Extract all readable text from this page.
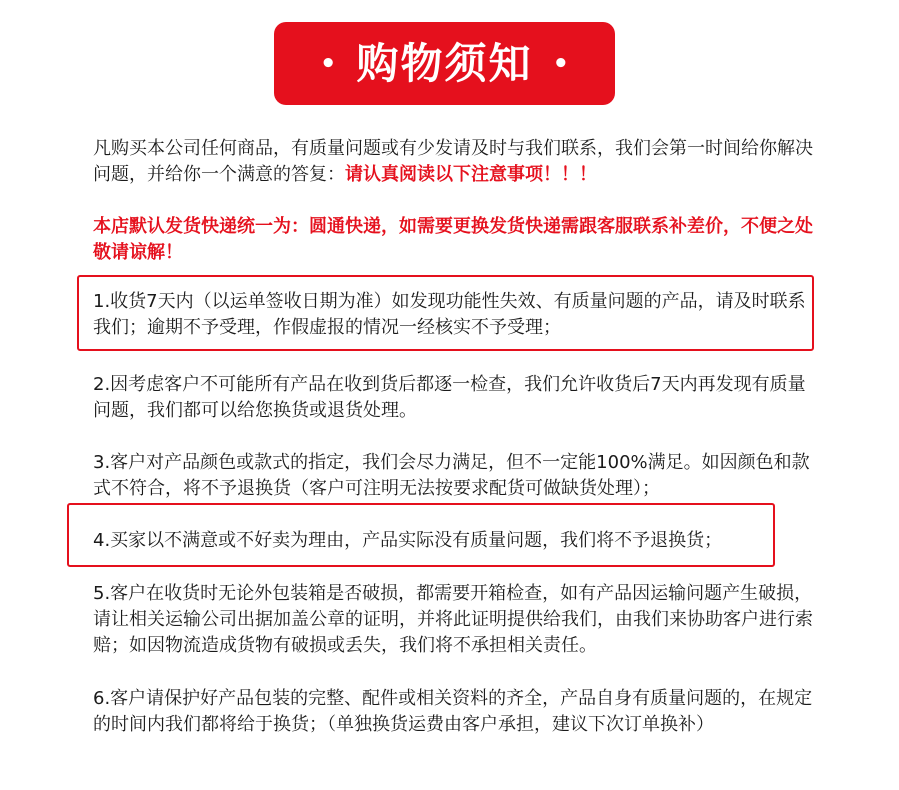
• 购物须知 •

凡购买本公司任何商品，有质量问题或有少发请及时与我们联系，我们会第一时间给你解决问题，并给你一个满意的答复：请认真阅读以下注意事项！！！

本店默认发货快递统一为：圆通快递，如需要更换发货快递需跟客服联系补差价，不便之处敬请谅解！

1.收货7天内（以运单签收日期为准）如发现功能性失效、有质量问题的产品，请及时联系我们；逾期不予受理，作假虚报的情况一经核实不予受理；

2.因考虑客户不可能所有产品在收到货后都逐一检查，我们允许收货后7天内再发现有质量问题，我们都可以给您换货或退货处理。

3.客户对产品颜色或款式的指定，我们会尽力满足，但不一定能100%满足。如因颜色和款式不符合，将不予退换货（客户可注明无法按要求配货可做缺货处理）；

4.买家以不满意或不好卖为理由，产品实际没有质量问题，我们将不予退换货；

5.客户在收货时无论外包装箱是否破损，都需要开箱检查，如有产品因运输问题产生破损，请让相关运输公司出据加盖公章的证明，并将此证明提供给我们，由我们来协助客户进行索赔；如因物流造成货物有破损或丢失，我们将不承担相关责任。

6.客户请保护好产品包装的完整、配件或相关资料的齐全，产品自身有质量问题的，在规定的时间内我们都将给于换货；（单独换货运费由客户承担，建议下次订单换补）
